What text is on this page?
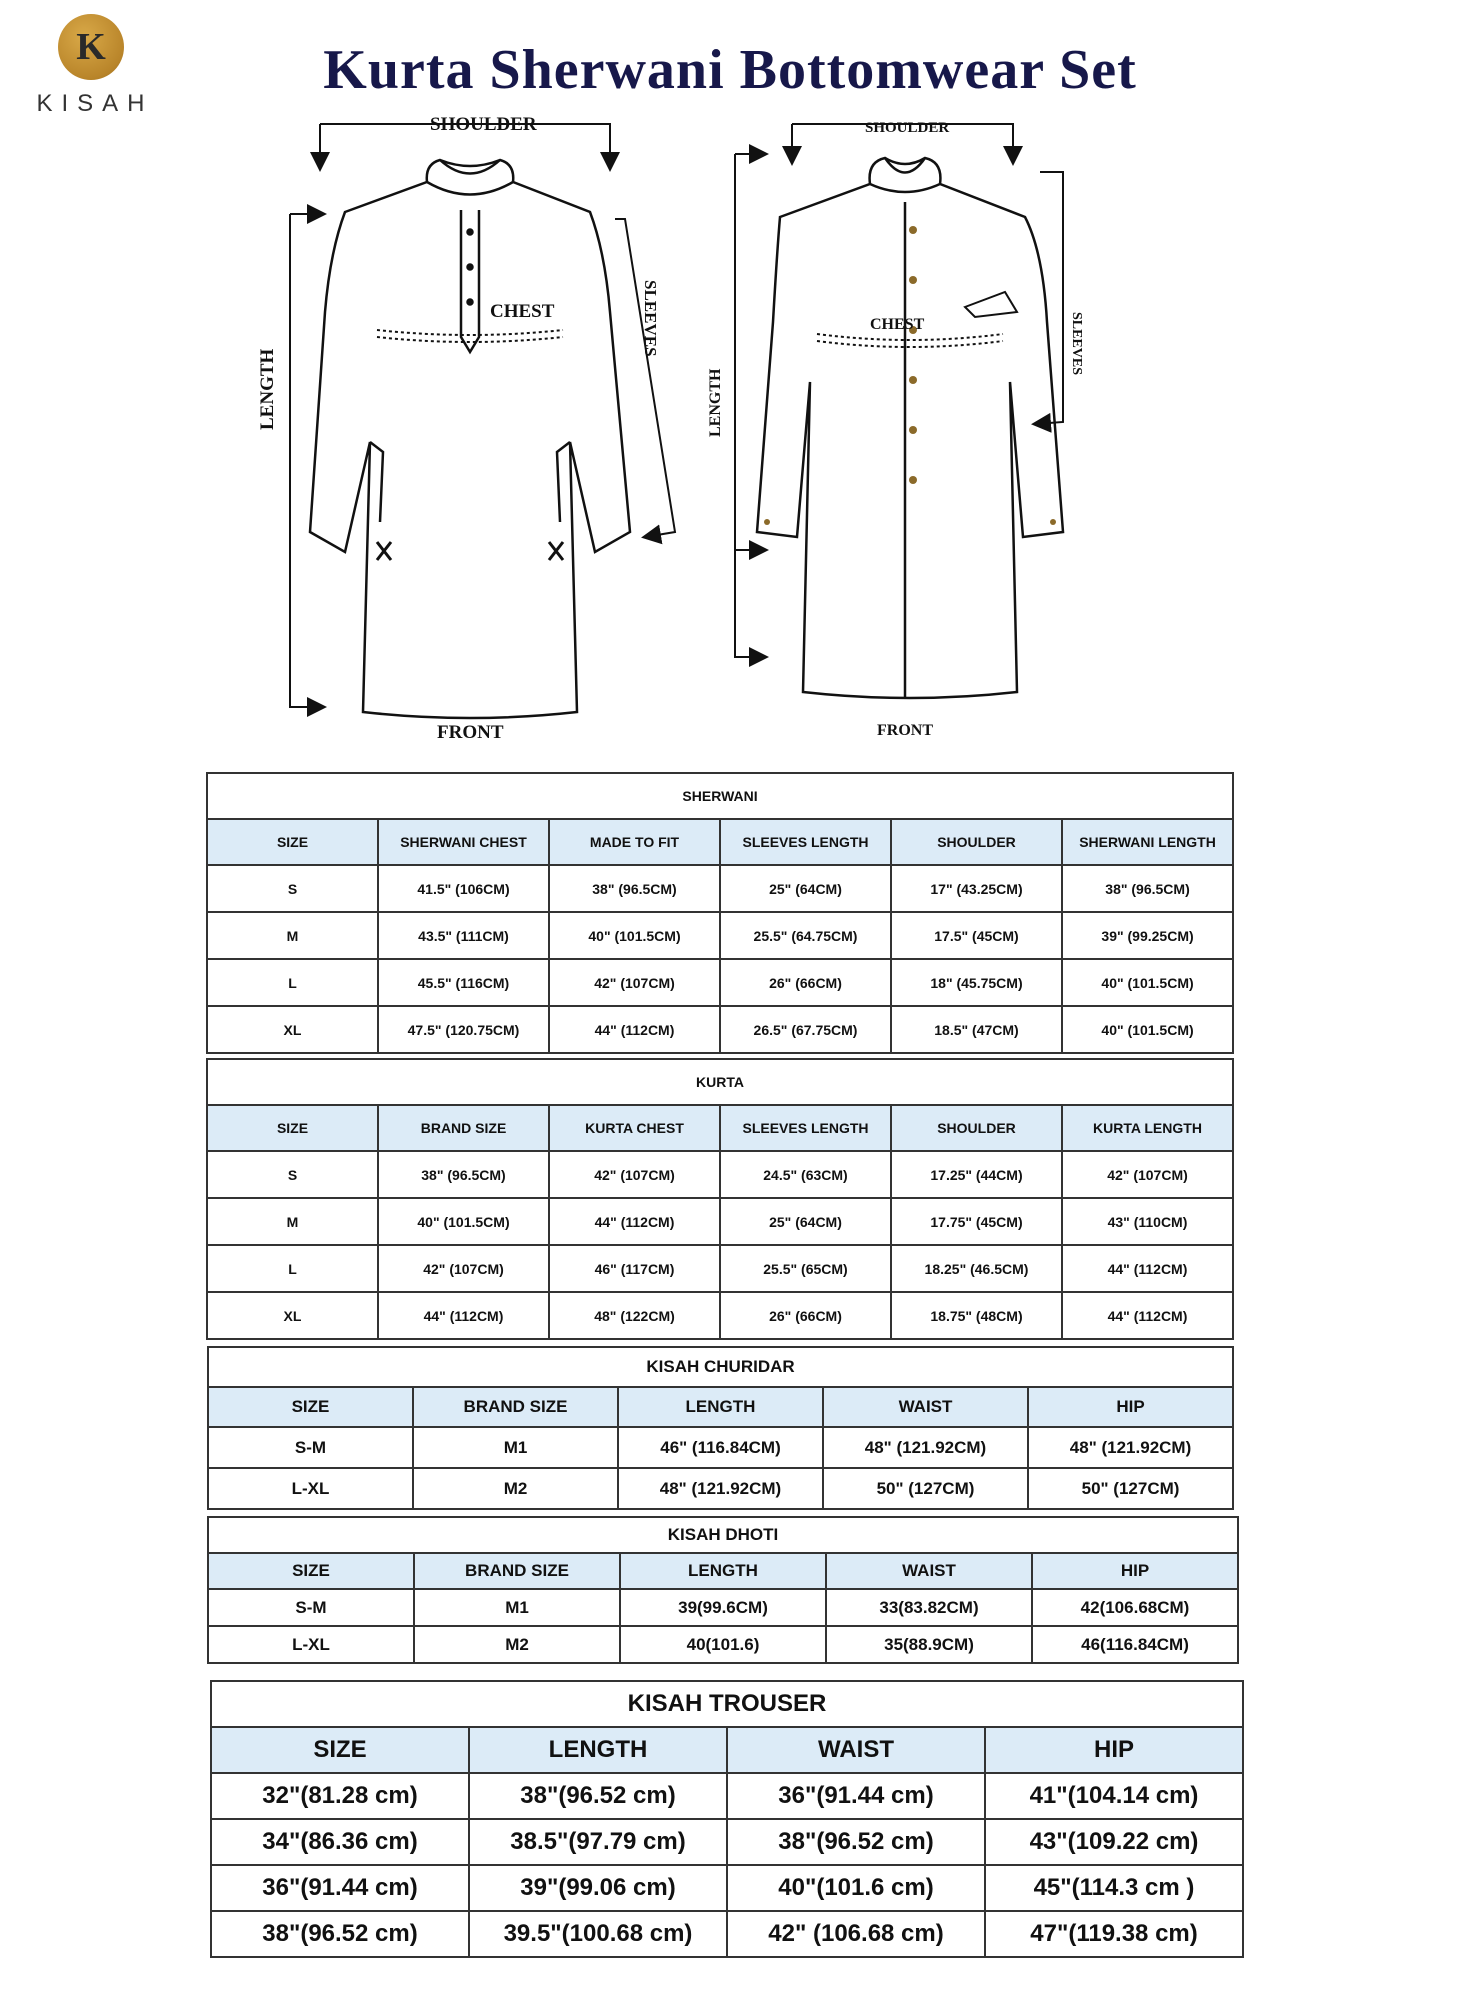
K
KISAH
Kurta Sherwani Bottomwear Set
SHOULDER
CHEST
LENGTH
SLEEVES
FRONT
SHOULDER
CHEST
LENGTH
SLEEVES
FRONT
SHERWANI					
SIZE	SHERWANI CHEST	MADE TO FIT	SLEEVES LENGTH	SHOULDER	SHERWANI LENGTH
S	41.5" (106CM)	38" (96.5CM)	25" (64CM)	17" (43.25CM)	38" (96.5CM)
M	43.5" (111CM)	40" (101.5CM)	25.5" (64.75CM)	17.5" (45CM)	39" (99.25CM)
L	45.5" (116CM)	42" (107CM)	26" (66CM)	18" (45.75CM)	40" (101.5CM)
XL	47.5" (120.75CM)	44" (112CM)	26.5" (67.75CM)	18.5" (47CM)	40" (101.5CM)
KURTA					
SIZE	BRAND SIZE	KURTA CHEST	SLEEVES LENGTH	SHOULDER	KURTA LENGTH
S	38" (96.5CM)	42" (107CM)	24.5" (63CM)	17.25" (44CM)	42" (107CM)
M	40" (101.5CM)	44" (112CM)	25" (64CM)	17.75" (45CM)	43" (110CM)
L	42" (107CM)	46" (117CM)	25.5" (65CM)	18.25" (46.5CM)	44" (112CM)
XL	44" (112CM)	48" (122CM)	26" (66CM)	18.75" (48CM)	44" (112CM)
KISAH CHURIDAR				
SIZE	BRAND SIZE	LENGTH	WAIST	HIP
S-M	M1	46" (116.84CM)	48" (121.92CM)	48" (121.92CM)
L-XL	M2	48" (121.92CM)	50" (127CM)	50" (127CM)
KISAH DHOTI				
SIZE	BRAND SIZE	LENGTH	WAIST	HIP
S-M	M1	39(99.6CM)	33(83.82CM)	42(106.68CM)
L-XL	M2	40(101.6)	35(88.9CM)	46(116.84CM)
KISAH TROUSER			
SIZE	LENGTH	WAIST	HIP
32"(81.28 cm)	38"(96.52 cm)	36"(91.44 cm)	41"(104.14 cm)
34"(86.36 cm)	38.5"(97.79 cm)	38"(96.52 cm)	43"(109.22 cm)
36"(91.44 cm)	39"(99.06 cm)	40"(101.6 cm)	45"(114.3 cm )
38"(96.52 cm)	39.5"(100.68 cm)	42" (106.68 cm)	47"(119.38 cm)
